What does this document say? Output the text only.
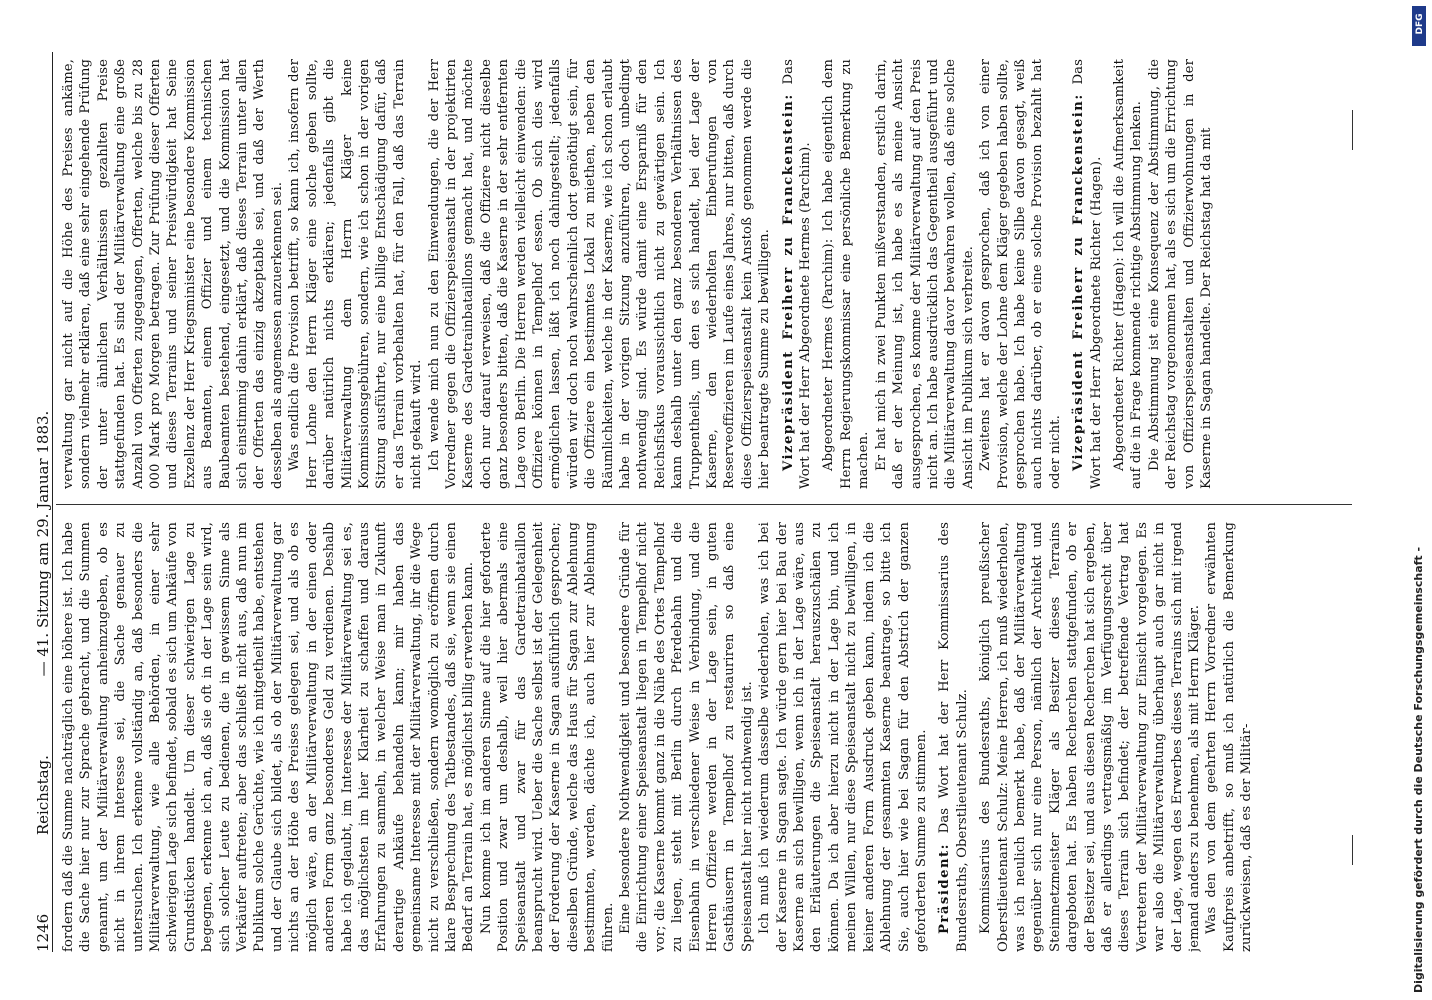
1246
Reichstag.
— 41. Sitzung am 29. Januar 1883. fordern daß die Summe nachträglich eine höhere ist. Ich habe die Sache hier nur zur Sprache gebracht, und die Summen genannt, um der Militärverwaltung anheimzugeben, ob es nicht in ihrem Interesse sei, die Sache genauer zu untersuchen. Ich erkenne vollständig an, daß besonders die Militärverwaltung, wie alle Behörden, in einer sehr schwierigen Lage sich befindet, sobald es sich um Ankäufe von Grundstücken handelt. Um dieser schwierigen Lage zu begegnen, erkenne ich an, daß sie oft in der Lage sein wird, sich solcher Leute zu bedienen, die in gewissem Sinne als Verkäufer auftreten; aber das schließt nicht aus, daß nun im Publikum solche Gerüchte, wie ich mitgetheilt habe, entstehen und der Glaube sich bildet, als ob der Militärverwaltung gar nichts an der Höhe des Preises gelegen sei, und als ob es möglich wäre, an der Militärverwaltung in der einen oder anderen Form ganz besonderes Geld zu verdienen. Deshalb habe ich geglaubt, im Interesse der Militärverwaltung sei es, das möglichsten im hier Klarheit zu schaffen und daraus Erfahrungen zu sammeln, in welcher Weise man in Zukunft derartige Ankäufe behandeln kann; mir haben das gemeinsame Interesse mit der Militärverwaltung, ihr die Wege nicht zu verschließen, sondern womöglich zu eröffnen durch klare Besprechung des Tatbestandes, daß sie, wenn sie einen Bedarf an Terrain hat, es möglichst billig erwerben kann. Nun komme ich im anderen Sinne auf die hier geforderte Position und zwar um deshalb, weil hier abermals eine Speiseanstalt und zwar für das Gardetrainbataillon beansprucht wird. Ueber die Sache selbst ist der Gelegenheit der Forderung der Kaserne in Sagan ausführlich gesprochen; dieselben Gründe, welche das Haus für Sagan zur Ablehnung bestimmten, werden, dächte ich, auch hier zur Ablehnung führen. Eine besondere Nothwendigkeit und besondere Gründe für die Einrichtung einer Speiseanstalt liegen in Tempelhof nicht vor; die Kaserne kommt ganz in die Nähe des Ortes Tempelhof zu liegen, steht mit Berlin durch Pferdebahn und die Eisenbahn in verschiedener Weise in Verbindung, und die Herren Offiziere werden in der Lage sein, in guten Gasthäusern in Tempelhof zu restauriren so daß eine Speiseanstalt hier nicht nothwendig ist. Ich muß ich wiederum dasselbe wiederholen, was ich bei der Kaserne in Sagan sagte. Ich würde gern hier bei Bau der Kaserne an sich bewilligen, wenn ich in der Lage wäre, aus den Erläuterungen die Speiseanstalt herauszuschälen zu können. Da ich aber hierzu nicht in der Lage bin, und ich meinen Willen, nur diese Speiseanstalt nicht zu bewilligen, in keiner anderen Form Ausdruck geben kann, indem ich die Ablehnung der gesammten Kaserne beantrage, so bitte ich Sie, auch hier wie bei Sagan für den Abstrich der ganzen geforderten Summe zu stimmen. Präsident: Das Wort hat der Herr Kommissarius des Bundesraths, Oberstlieutenant Schulz. Kommissarius des Bundesraths, königlich preußischer Oberstlieutenant Schulz: Meine Herren, ich muß wiederholen, was ich neulich bemerkt habe, daß der Militärverwaltung gegenüber sich nur eine Person, nämlich der Architekt und Steinmetzmeister Kläger als Besitzer dieses Terrains dargeboten hat. Es haben Recherchen stattgefunden, ob er der Besitzer sei, und aus diesen Recherchen hat sich ergeben, daß er allerdings vertragsmäßig im Verfügungsrecht über dieses Terrain sich befindet; der betreffende Vertrag hat Vertretern der Militärverwaltung zur Einsicht vorgelegen. Es war also die Militärverwaltung überhaupt auch gar nicht in der Lage, wegen des Erwerbes dieses Terrains sich mit irgend jemand anders zu benehmen, als mit Herrn Kläger. Was den von dem geehrten Herrn Vorredner erwähnten Kaufpreis anbetrifft, so muß ich natürlich die Bemerkung zurückweisen, daß es der Militär-

verwaltung gar nicht auf die Höhe des Preises ankäme, sondern vielmehr erklären, daß eine sehr eingehende Prüfung der unter ähnlichen Verhältnissen gezahlten Preise stattgefunden hat. Es sind der Militärverwaltung eine große Anzahl von Offerten zugegangen, Offerten, welche bis zu 28 000 Mark pro Morgen betragen. Zur Prüfung dieser Offerten und dieses Terrains und seiner Preiswürdigkeit hat Seine Exzellenz der Herr Kriegsminister eine besondere Kommission aus Beamten, einem Offizier und einem technischen Baubeamten bestehend, eingesetzt, und die Kommission hat sich einstimmig dahin erklärt, daß dieses Terrain unter allen der Offerten das einzig akzeptable sei, und daß der Werth desselben als angemessen anzuerkennen sei. Was endlich die Provision betrifft, so kann ich, insofern der Herr Lohne den Herrn Kläger eine solche geben sollte, darüber natürlich nichts erklären; jedenfalls gibt die Militärverwaltung dem Herrn Kläger keine Kommissionsgebühren, sondern, wie ich schon in der vorigen Sitzung ausführte, nur eine billige Entschädigung dafür, daß er das Terrain vorbehalten hat, für den Fall, daß das Terrain nicht gekauft wird. Ich wende mich nun zu den Einwendungen, die der Herr Vorredner gegen die Offizierspeiseanstalt in der projektirten Kaserne des Gardetrainbataillons gemacht hat, und möchte doch nur darauf verweisen, daß die Offiziere nicht dieselbe ganz besonders bitten, daß die Kaserne in der sehr entfernten Lage von Berlin. Die Herren werden vielleicht einwenden: die Offiziere können in Tempelhof essen. Ob sich dies wird ermöglichen lassen, läßt ich noch dahingestellt; jedenfalls würden wir doch noch wahrscheinlich dort genöthigt sein, für die Offiziere ein bestimmtes Lokal zu miethen, neben den Räumlichkeiten, welche in der Kaserne, wie ich schon erlaubt habe in der vorigen Sitzung anzuführen, doch unbedingt nothwendig sind. Es würde damit eine Ersparniß für den Reichsfiskus voraussichtlich nicht zu gewärtigen sein. Ich kann deshalb unter den ganz besonderen Verhältnissen des Truppentheils, um den es sich handelt, bei der Lage der Kaserne, den wiederholten Einberufungen von Reserveoffizieren im Laufe eines Jahres, nur bitten, daß durch diese Offizierspeiseanstalt kein Anstoß genommen werde die hier beantragte Summe zu bewilligen. Vizepräsident Freiherr zu Franckenstein: Das Wort hat der Herr Abgeordnete Hermes (Parchim). Abgeordneter Hermes (Parchim): Ich habe eigentlich dem Herrn Regierungskommissar eine persönliche Bemerkung zu machen. Er hat mich in zwei Punkten mißverstanden, erstlich darin, daß er der Meinung ist, ich habe es als meine Ansicht ausgesprochen, es komme der Militärverwaltung auf den Preis nicht an. Ich habe ausdrücklich das Gegentheil ausgeführt und die Militärverwaltung davor bewahren wollen, daß eine solche Ansicht im Publikum sich verbreite. Zweitens hat er davon gesprochen, daß ich von einer Provision, welche der Lohne dem Kläger gegeben haben sollte, gesprochen habe. Ich habe keine Silbe davon gesagt, weiß auch nichts darüber, ob er eine solche Provision bezahlt hat oder nicht. Vizepräsident Freiherr zu Franckenstein: Das Wort hat der Herr Abgeordnete Richter (Hagen). Abgeordneter Richter (Hagen): Ich will die Aufmerksamkeit auf die in Frage kommende richtige Abstimmung lenken. Die Abstimmung ist eine Konsequenz der Abstimmung, die der Reichstag vorgenommen hat, als es sich um die Errichtung von Offizierspeiseanstalten und Offizierwohnungen in der Kaserne in Sagan handelte. Der Reichstag hat da mit

DFG
Digitalisierung gefördert durch die Deutsche Forschungsgemeinschaft -
